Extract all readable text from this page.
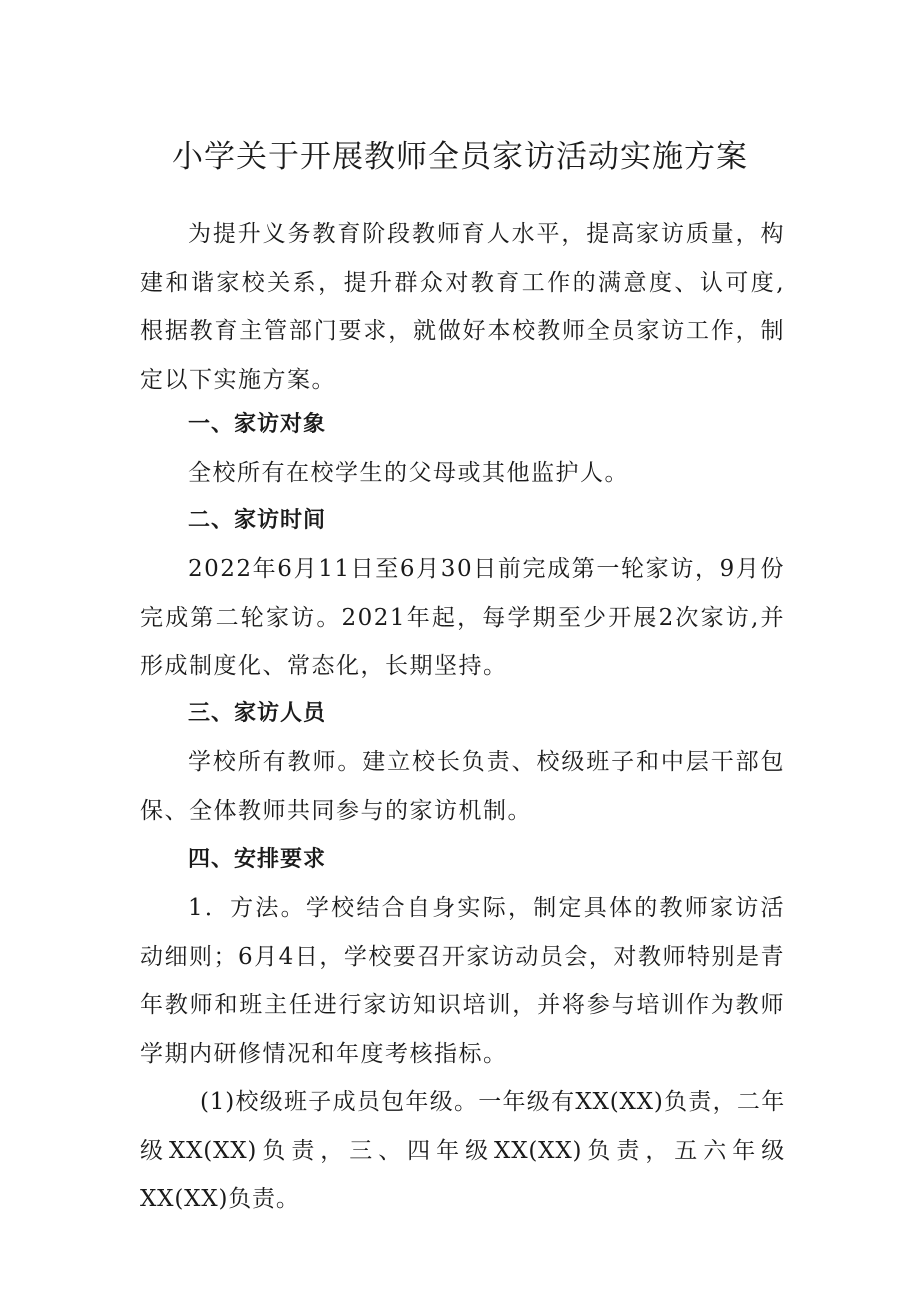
小学关于开展教师全员家访活动实施方案

为提升义务教育阶段教师育人水平，提高家访质量，构建和谐家校关系，提升群众对教育工作的满意度、认可度,根据教育主管部门要求，就做好本校教师全员家访工作，制定以下实施方案。

一、家访对象

全校所有在校学生的父母或其他监护人。

二、家访时间

2022年6月11日至6月30日前完成第一轮家访，9月份完成第二轮家访。2021年起，每学期至少开展2次家访,并形成制度化、常态化，长期坚持。

三、家访人员

学校所有教师。建立校长负责、校级班子和中层干部包保、全体教师共同参与的家访机制。

四、安排要求

1．方法。学校结合自身实际，制定具体的教师家访活动细则；6月4日，学校要召开家访动员会，对教师特别是青年教师和班主任进行家访知识培训，并将参与培训作为教师学期内研修情况和年度考核指标。

(1)校级班子成员包年级。一年级有XX(XX)负责，二年级XX(XX)负责，三、四年级XX(XX)负责，五六年级XX(XX)负责。
